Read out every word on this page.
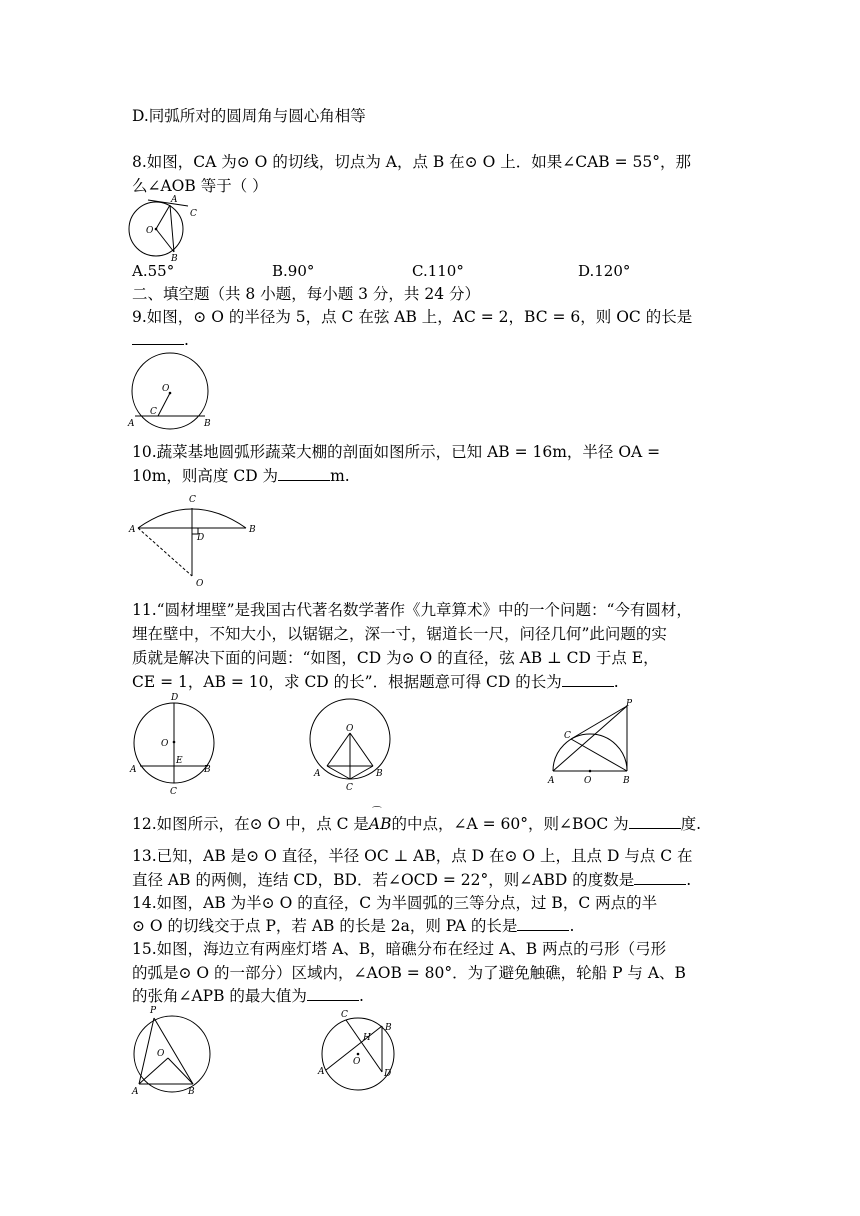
D.同弧所对的圆周角与圆心角相等
8.如图，CA 为⊙ O 的切线，切点为 A，点 B 在⊙ O 上．如果∠CAB = 55°，那
么∠AOB 等于（ ）
A
C
O
B
A.55°	B.90°	C.110°	D.120°
二、填空题（共 8 小题，每小题 3 分，共 24 分）
9.如图，⊙ O 的半径为 5，点 C 在弦 AB 上，AC = 2，BC = 6，则 OC 的长是
.
O
C
A	B
10.蔬菜基地圆弧形蔬菜大棚的剖面如图所示，已知 AB = 16m，半径 OA =
10m，则高度 CD 为	m.
C
A	B
D
O
11.“圆材埋壁”是我国古代著名数学著作《九章算术》中的一个问题：“今有圆材，
埋在壁中，不知大小，以锯锯之，深一寸，锯道长一尺，问径几何”此问题的实
质就是解决下面的问题：“如图，CD 为⊙ O 的直径，弦 AB ⊥ CD 于点 E，
CE = 1，AB = 10，求 CD 的长”．根据题意可得 CD 的长为	.
D
O
E
A	B
C
O
A	B
C
P
C
A	O	B
12.如图所示，在⊙ O 中，点 C 是
⌒
AB的中点，∠A = 60°，则∠BOC 为	度.
13.已知，AB 是⊙ O 直径，半径 OC ⊥ AB，点 D 在⊙ O 上，且点 D 与点 C 在
直径 AB 的两侧，连结 CD，BD．若∠OCD = 22°，则∠ABD 的度数是	.
14.如图，AB 为半⊙ O 的直径，C 为半圆弧的三等分点，过 B，C 两点的半
⊙ O 的切线交于点 P，若 AB 的长是 2a，则 PA 的长是	.
15.如图，海边立有两座灯塔 A、B，暗礁分布在经过 A、B 两点的弓形（弓形
的弧是⊙ O 的一部分）区域内，∠AOB = 80°．为了避免触礁，轮船 P 与 A、B
的张角∠APB 的最大值为	.
P
O
A	B
C
H
B
A
O
D
